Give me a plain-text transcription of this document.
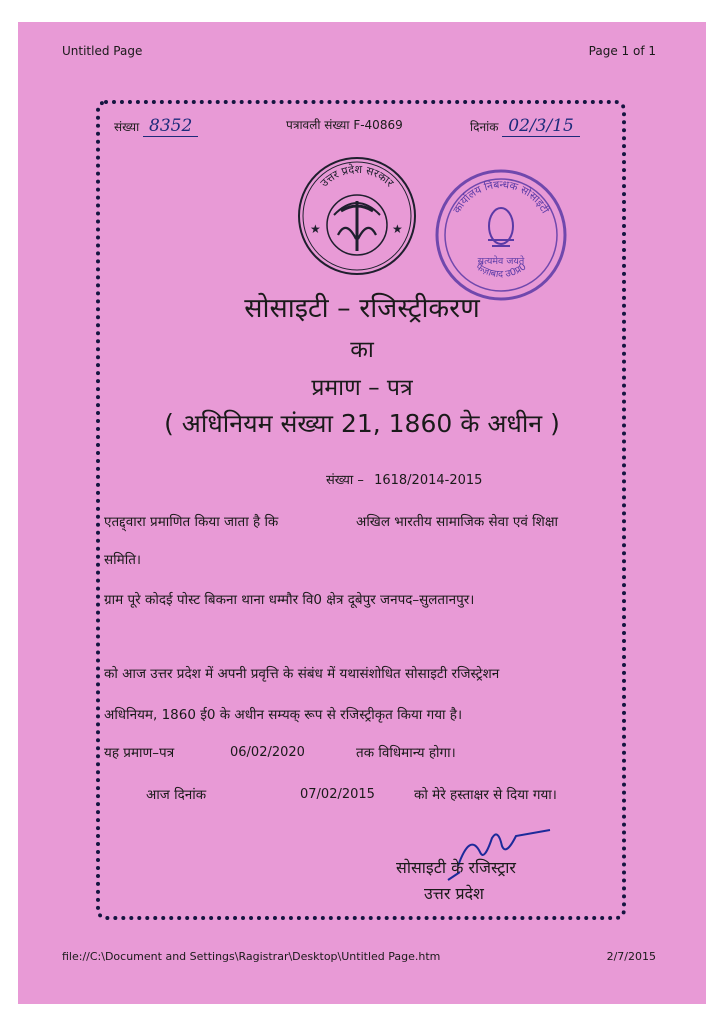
Untitled Page	Page 1 of 1
संख्या 8352	पत्रावली संख्या F-40869	दिनांक 02/3/15
उत्तर प्रदेश सरकार
★	★
कार्यालय निबन्धक सोसाइटी
सत्यमेव जयते
फैज़ाबाद उ0प्र0
सोसाइटी – रजिस्ट्रीकरण
का
प्रमाण – पत्र
( अधिनियम संख्या 21, 1860 के अधीन )
संख्या – 1618/2014-2015
एतद्द्वारा प्रमाणित किया जाता है कि	अखिल भारतीय सामाजिक सेवा एवं शिक्षा
समिति।
ग्राम पूरे कोदई पोस्ट बिकना थाना धम्मौर वि0 क्षेत्र दूबेपुर जनपद–सुलतानपुर।
को आज उत्तर प्रदेश में अपनी प्रवृत्ति के संबंध में यथासंशोधित सोसाइटी रजिस्ट्रेशन
अधिनियम, 1860 ई0 के अधीन सम्यक् रूप से रजिस्ट्रीकृत किया गया है।
यह प्रमाण–पत्र	06/02/2020	तक विधिमान्य होगा।
आज दिनांक	07/02/2015	को मेरे हस्ताक्षर से दिया गया।
सोसाइटी के रजिस्ट्रार
उत्तर प्रदेश
file://C:\Document and Settings\Ragistrar\Desktop\Untitled Page.htm	2/7/2015
